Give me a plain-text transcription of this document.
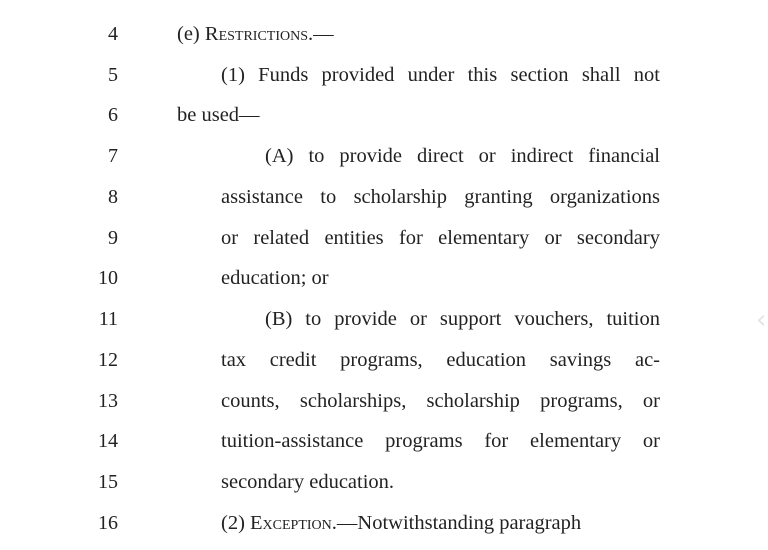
4	(e) Restrictions.—
5	(1) Funds provided under this section shall not
6	be used—
7	(A) to provide direct or indirect financial
8	assistance to scholarship granting organizations
9	or related entities for elementary or secondary
10	education; or
11	(B) to provide or support vouchers, tuition
12	tax credit programs, education savings ac-
13	counts, scholarships, scholarship programs, or
14	tuition-assistance programs for elementary or
15	secondary education.
16	(2) Exception.—Notwithstanding paragraph
‹
